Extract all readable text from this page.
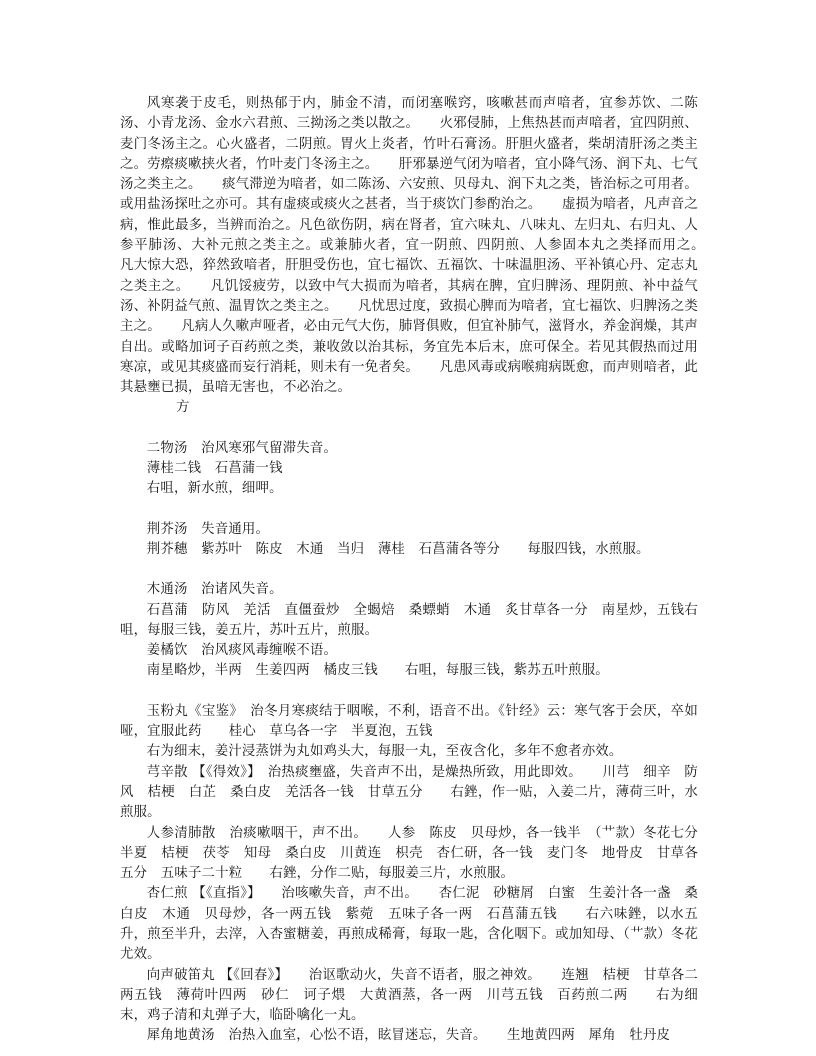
风寒袭于皮毛，则热郁于内，肺金不清，而闭塞喉窍，咳嗽甚而声喑者，宜参苏饮、二陈汤、小青龙汤、金水六君煎、三拗汤之类以散之。　　火邪侵肺，上焦热甚而声喑者，宜四阴煎、麦门冬汤主之。心火盛者，二阴煎。胃火上炎者，竹叶石膏汤。肝胆火盛者，柴胡清肝汤之类主之。劳瘵痰嗽挟火者，竹叶麦门冬汤主之。　　肝邪暴逆气闭为喑者，宜小降气汤、润下丸、七气汤之类主之。　　痰气滞逆为喑者，如二陈汤、六安煎、贝母丸、润下丸之类，皆治标之可用者。或用盐汤探吐之亦可。其有虚痰或痰火之甚者，当于痰饮门参酌治之。　　虚损为喑者，凡声音之病，惟此最多，当辨而治之。凡色欲伤阴，病在肾者，宜六味丸、八味丸、左归丸、右归丸、人参平肺汤、大补元煎之类主之。或兼肺火者，宜一阴煎、四阴煎、人参固本丸之类择而用之。　　凡大惊大恐，猝然致喑者，肝胆受伤也，宜七福饮、五福饮、十味温胆汤、平补镇心丹、定志丸之类主之。　　凡饥馁疲劳，以致中气大损而为喑者，其病在脾，宜归脾汤、理阴煎、补中益气汤、补阴益气煎、温胃饮之类主之。　　凡忧思过度，致损心脾而为喑者，宜七福饮、归脾汤之类主之。　　凡病人久嗽声哑者，必由元气大伤，肺肾俱败，但宜补肺气，滋肾水，养金润燥，其声自出。或略加诃子百药煎之类，兼收敛以治其标，务宜先本后末，庶可保全。若见其假热而过用寒凉，或见其痰盛而妄行消耗，则未有一免者矣。　　凡患风毒或病喉痈病既愈，而声则喑者，此其悬壅已损，虽喑无害也，不必治之。

方

二物汤　治风寒邪气留滞失音。

薄桂二钱　石菖蒲一钱

右咀，新水煎，细呷。

荆芥汤　失音通用。

荆芥穗　紫苏叶　陈皮　木通　当归　薄桂　石菖蒲各等分　　每服四钱，水煎服。

木通汤　治诸风失音。

石菖蒲　防风　羌活　直僵蚕炒　全蝎焙　桑螵蛸　木通　炙甘草各一分　南星炒，五钱右咀，每服三钱，姜五片，苏叶五片，煎服。

姜橘饮　治风痰风毒缠喉不语。

南星略炒，半两　生姜四两　橘皮三钱　　右咀，每服三钱，紫苏五叶煎服。

玉粉丸《宝鉴》　治冬月寒痰结于咽喉，不利，语音不出。《针经》云：寒气客于会厌，卒如哑，宜服此药　　桂心　草乌各一字　半夏泡，五钱

右为细末，姜汁浸蒸饼为丸如鸡头大，每服一丸，至夜含化，多年不愈者亦效。

芎辛散 【《得效》】　治热痰壅盛，失音声不出，是燥热所致，用此即效。　　川芎　细辛　防风　桔梗　白芷　桑白皮　羌活各一钱　甘草五分　　右銼，作一贴，入姜二片，薄荷三叶，水煎服。

人参清肺散　治痰嗽咽干，声不出。　　人参　陈皮　贝母炒，各一钱半　（艹款）冬花七分　半夏　桔梗　茯苓　知母　桑白皮　川黄连　枳壳　杏仁研，各一钱　麦门冬　地骨皮　甘草各五分　五味子二十粒　　右銼，分作二贴，每服姜三片，水煎服。

杏仁煎 【《直指》】　　治咳嗽失音，声不出。　　杏仁泥　砂糖屑　白蜜　生姜汁各一盏　桑白皮　木通　贝母炒，各一两五钱　紫菀　五味子各一两　石菖蒲五钱　　右六味銼，以水五升，煎至半升，去滓，入杏蜜糖姜，再煎成稀膏，每取一匙，含化咽下。或加知母、（艹款）冬花尤效。

向声破笛丸 【《回春》】　　治讴歌动火，失音不语者，服之神效。　　连翘　桔梗　甘草各二两五钱　薄荷叶四两　砂仁　诃子煨　大黄酒蒸，各一两　川芎五钱　百药煎二两　　右为细末，鸡子清和丸弹子大，临卧噙化一丸。

犀角地黄汤　治热入血室，心忪不语，眩冒迷忘，失音。　　生地黄四两　犀角　牡丹皮
